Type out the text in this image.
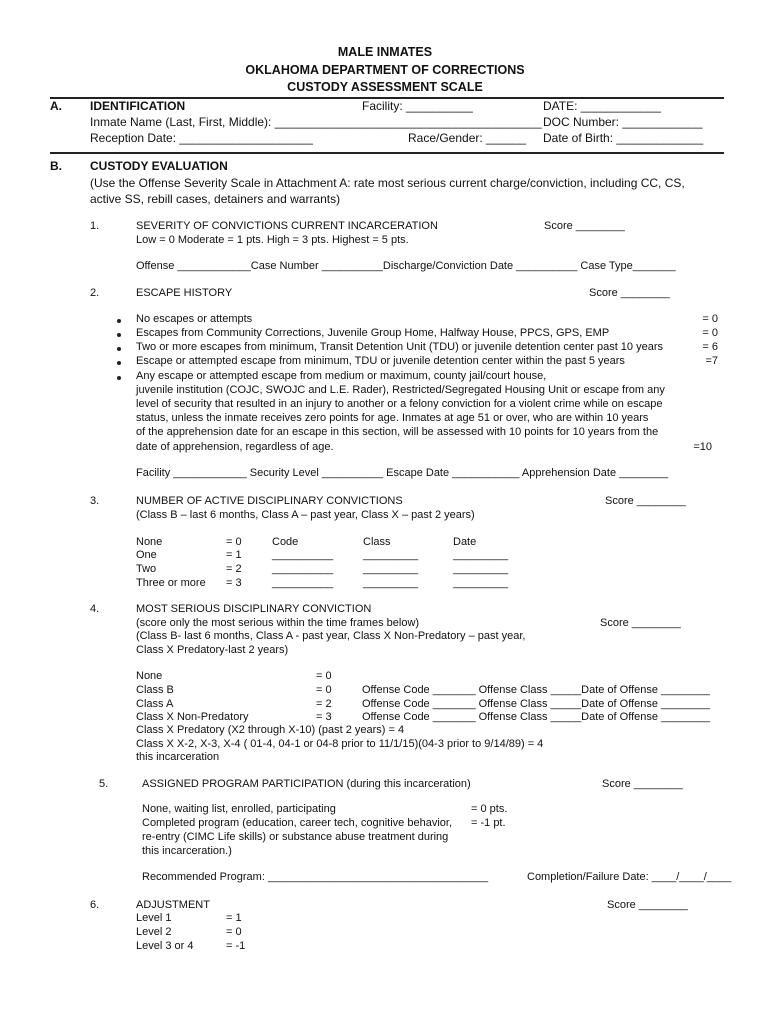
MALE INMATES
OKLAHOMA DEPARTMENT OF CORRECTIONS
CUSTODY ASSESSMENT SCALE
A. IDENTIFICATION	Facility: __________	DATE: ____________
Inmate Name (Last, First, Middle): ________________________________________ DOC Number: ____________
Reception Date: ____________________	Race/Gender: ______ Date of Birth: _____________
B. CUSTODY EVALUATION
(Use the Offense Severity Scale in Attachment A: rate most serious current charge/conviction, including CC, CS,
active SS, rebill cases, detainers and warrants)
1.	SEVERITY OF CONVICTIONS CURRENT INCARCERATION	Score ________
Low = 0 Moderate = 1 pts. High = 3 pts. Highest = 5 pts.
Offense ____________Case Number __________Discharge/Conviction Date __________ Case Type_______
2.	ESCAPE HISTORY	Score ________
No escapes or attempts	= 0
Escapes from Community Corrections, Juvenile Group Home, Halfway House, PPCS, GPS, EMP	= 0
Two or more escapes from minimum, Transit Detention Unit (TDU) or juvenile detention center past 10 years	= 6
Escape or attempted escape from minimum, TDU or juvenile detention center within the past 5 years	=7
Any escape or attempted escape from medium or maximum, county jail/court house,
juvenile institution (COJC, SWOJC and L.E. Rader), Restricted/Segregated Housing Unit or escape from any
level of security that resulted in an injury to another or a felony conviction for a violent crime while on escape
status, unless the inmate receives zero points for age. Inmates at age 51 or over, who are within 10 years
of the apprehension date for an escape in this section, will be assessed with 10 points for 10 years from the
date of apprehension, regardless of age.	=10
Facility ____________ Security Level __________ Escape Date ___________ Apprehension Date ________
3.	NUMBER OF ACTIVE DISCIPLINARY CONVICTIONS	Score ________
(Class B – last 6 months, Class A – past year, Class X – past 2 years)
None	= 0	Code	Class	Date
One	= 1	__________	_________	_________
Two	= 2	__________	_________	_________
Three or more = 3	__________	_________	_________
4.	MOST SERIOUS DISCIPLINARY CONVICTION
Score ________
(score only the most serious within the time frames below)
(Class B- last 6 months, Class A - past year, Class X Non-Predatory – past year,
Class X Predatory-last 2 years)
None	= 0
Class B	= 0	Offense Code _______ Offense Class _____Date of Offense ________
Class A	= 2	Offense Code _______ Offense Class _____Date of Offense ________
Class X Non-Predatory	= 3	Offense Code _______ Offense Class _____Date of Offense ________
Class X Predatory (X2 through X-10) (past 2 years) = 4
Class X X-2, X-3, X-4 ( 01-4, 04-1 or 04-8 prior to 11/1/15)(04-3 prior to 9/14/89) = 4
this incarceration
5.	ASSIGNED PROGRAM PARTICIPATION (during this incarceration)	Score ________
None, waiting list, enrolled, participating	= 0 pts.
Completed program (education, career tech, cognitive behavior, = -1 pt.
re-entry (CIMC Life skills) or substance abuse treatment during
this incarceration.)
Recommended Program: ____________________________________	Completion/Failure Date: ____/____/____
6.	ADJUSTMENT	Score ________
Level 1	= 1
Level 2	= 0
Level 3 or 4	= -1
